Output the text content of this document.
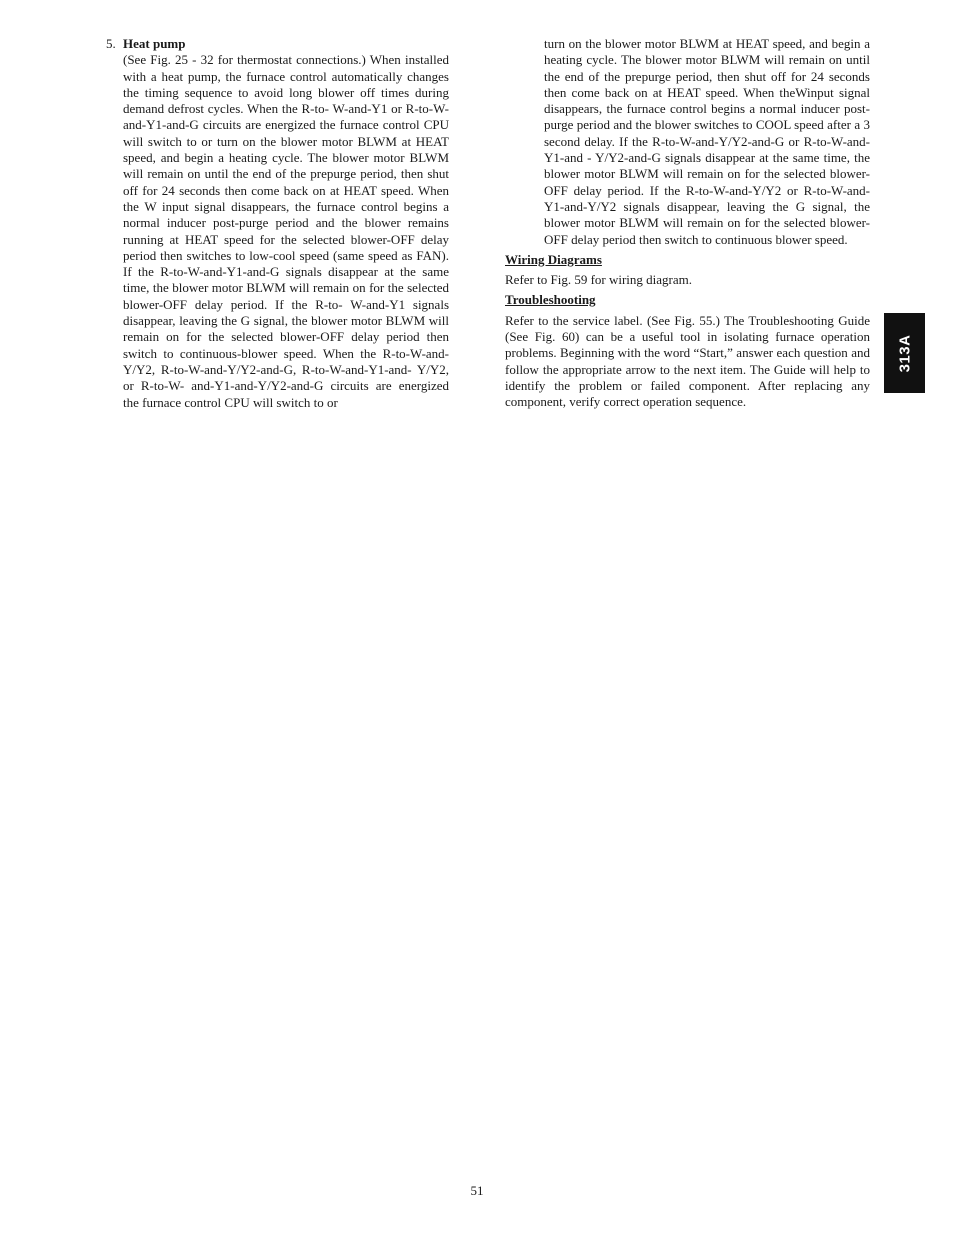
5. Heat pump
(See Fig. 25 - 32 for thermostat connections.) When installed with a heat pump, the furnace control automatically changes the timing sequence to avoid long blower off times during demand defrost cycles. When the R-to- W-and-Y1 or R-to-W-and-Y1-and-G circuits are energized the furnace control CPU will switch to or turn on the blower motor BLWM at HEAT speed, and begin a heating cycle. The blower motor BLWM will remain on until the end of the prepurge period, then shut off for 24 seconds then come back on at HEAT speed. When the W input signal disappears, the furnace control begins a normal inducer post-purge period and the blower remains running at HEAT speed for the selected blower-OFF delay period then switches to low-cool speed (same speed as FAN). If the R-to-W-and-Y1-and-G signals disappear at the same time, the blower motor BLWM will remain on for the selected blower-OFF delay period. If the R-to- W-and-Y1 signals disappear, leaving the G signal, the blower motor BLWM will remain on for the selected blower-OFF delay period then switch to continuous-blower speed. When the R-to-W-and-Y/Y2, R-to-W-and-Y/Y2-and-G, R-to-W-and-Y1-and- Y/Y2, or R-to-W- and-Y1-and-Y/Y2-and-G circuits are energized the furnace control CPU will switch to or
turn on the blower motor BLWM at HEAT speed, and begin a heating cycle. The blower motor BLWM will remain on until the end of the prepurge period, then shut off for 24 seconds then come back on at HEAT speed. When theWinput signal disappears, the furnace control begins a normal inducer post-purge period and the blower switches to COOL speed after a 3 second delay. If the R-to-W-and-Y/Y2-and-G or R-to-W-and-Y1-and - Y/Y2-and-G signals disappear at the same time, the blower motor BLWM will remain on for the selected blower-OFF delay period. If the R-to-W-and-Y/Y2 or R-to-W-and-Y1-and-Y/Y2 signals disappear, leaving the G signal, the blower motor BLWM will remain on for the selected blower-OFF delay period then switch to continuous blower speed.
Wiring Diagrams
Refer to Fig. 59 for wiring diagram.
Troubleshooting
Refer to the service label. (See Fig. 55.) The Troubleshooting Guide (See Fig. 60) can be a useful tool in isolating furnace operation problems. Beginning with the word “Start,” answer each question and follow the appropriate arrow to the next item. The Guide will help to identify the problem or failed component. After replacing any component, verify correct operation sequence.
313A
51
